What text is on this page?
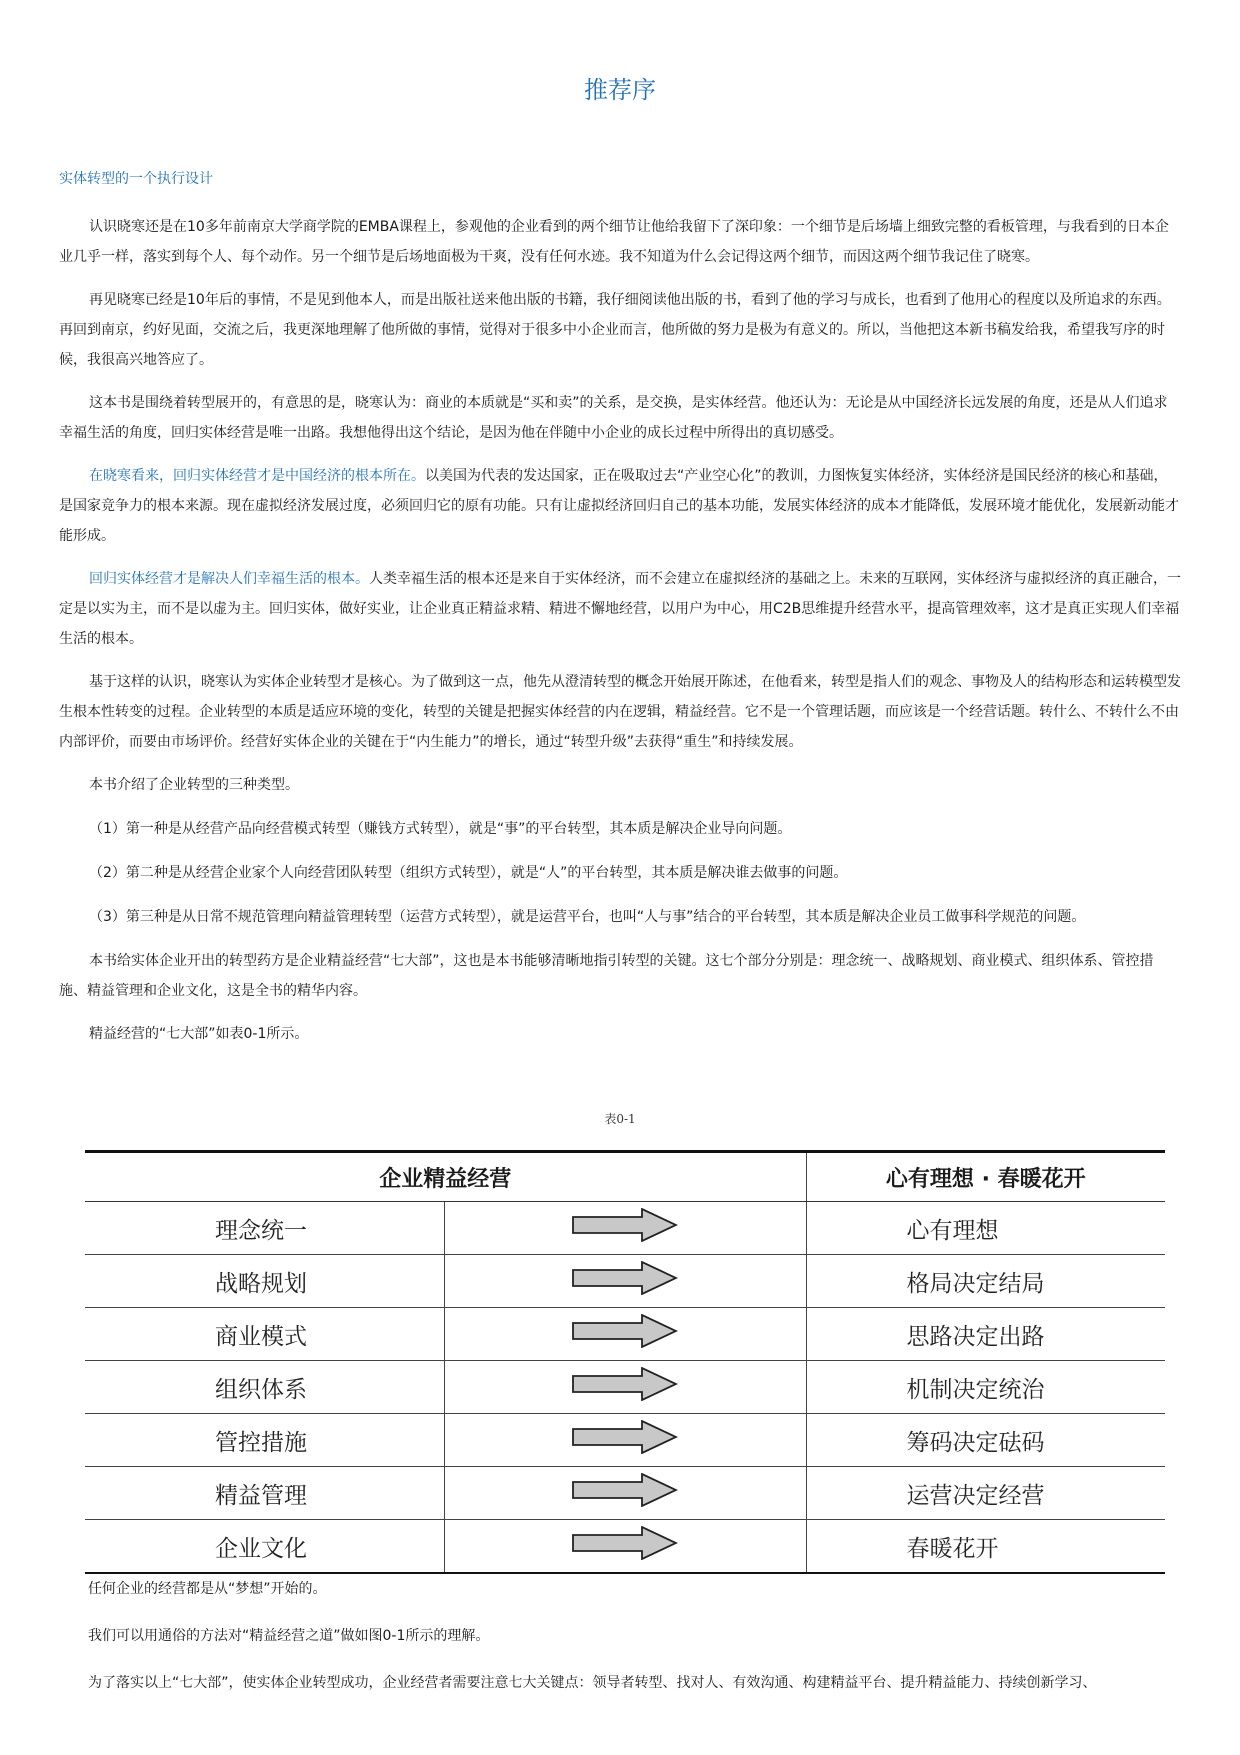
推荐序
实体转型的一个执行设计

认识晓寒还是在10多年前南京大学商学院的EMBA课程上，参观他的企业看到的两个细节让他给我留下了深印象：一个细节是后场墙上细致完整的看板管理，与我看到的日本企业几乎一样，落实到每个人、每个动作。另一个细节是后场地面极为干爽，没有任何水迹。我不知道为什么会记得这两个细节，而因这两个细节我记住了晓寒。

再见晓寒已经是10年后的事情，不是见到他本人，而是出版社送来他出版的书籍，我仔细阅读他出版的书，看到了他的学习与成长，也看到了他用心的程度以及所追求的东西。再回到南京，约好见面，交流之后，我更深地理解了他所做的事情，觉得对于很多中小企业而言，他所做的努力是极为有意义的。所以，当他把这本新书稿发给我，希望我写序的时候，我很高兴地答应了。

这本书是围绕着转型展开的，有意思的是，晓寒认为：商业的本质就是“买和卖”的关系，是交换，是实体经营。他还认为：无论是从中国经济长远发展的角度，还是从人们追求幸福生活的角度，回归实体经营是唯一出路。我想他得出这个结论，是因为他在伴随中小企业的成长过程中所得出的真切感受。

在晓寒看来，回归实体经营才是中国经济的根本所在。以美国为代表的发达国家，正在吸取过去“产业空心化”的教训，力图恢复实体经济，实体经济是国民经济的核心和基础，是国家竞争力的根本来源。现在虚拟经济发展过度，必须回归它的原有功能。只有让虚拟经济回归自己的基本功能，发展实体经济的成本才能降低，发展环境才能优化，发展新动能才能形成。

回归实体经营才是解决人们幸福生活的根本。人类幸福生活的根本还是来自于实体经济，而不会建立在虚拟经济的基础之上。未来的互联网，实体经济与虚拟经济的真正融合，一定是以实为主，而不是以虚为主。回归实体，做好实业，让企业真正精益求精、精进不懈地经营，以用户为中心，用C2B思维提升经营水平，提高管理效率，这才是真正实现人们幸福生活的根本。

基于这样的认识，晓寒认为实体企业转型才是核心。为了做到这一点，他先从澄清转型的概念开始展开陈述，在他看来，转型是指人们的观念、事物及人的结构形态和运转模型发生根本性转变的过程。企业转型的本质是适应环境的变化，转型的关键是把握实体经营的内在逻辑，精益经营。它不是一个管理话题，而应该是一个经营话题。转什么、不转什么不由内部评价，而要由市场评价。经营好实体企业的关键在于“内生能力”的增长，通过“转型升级”去获得“重生”和持续发展。

本书介绍了企业转型的三种类型。

（1）第一种是从经营产品向经营模式转型（赚钱方式转型），就是“事”的平台转型，其本质是解决企业导向问题。

（2）第二种是从经营企业家个人向经营团队转型（组织方式转型），就是“人”的平台转型，其本质是解决谁去做事的问题。

（3）第三种是从日常不规范管理向精益管理转型（运营方式转型），就是运营平台，也叫“人与事”结合的平台转型，其本质是解决企业员工做事科学规范的问题。

本书给实体企业开出的转型药方是企业精益经营“七大部”，这也是本书能够清晰地指引转型的关键。这七个部分分别是：理念统一、战略规划、商业模式、组织体系、管控措施、精益管理和企业文化，这是全书的精华内容。

精益经营的“七大部”如表0-1所示。

表0-1
企业精益经营		心有理想 · 春暖花开
理念统一		心有理想
战略规划		格局决定结局
商业模式		思路决定出路
组织体系		机制决定统治
管控措施		筹码决定砝码
精益管理		运营决定经营
企业文化		春暖花开

任何企业的经营都是从“梦想”开始的。

我们可以用通俗的方法对“精益经营之道”做如图0-1所示的理解。

为了落实以上“七大部”，使实体企业转型成功，企业经营者需要注意七大关键点：领导者转型、找对人、有效沟通、构建精益平台、提升精益能力、持续创新学习、
